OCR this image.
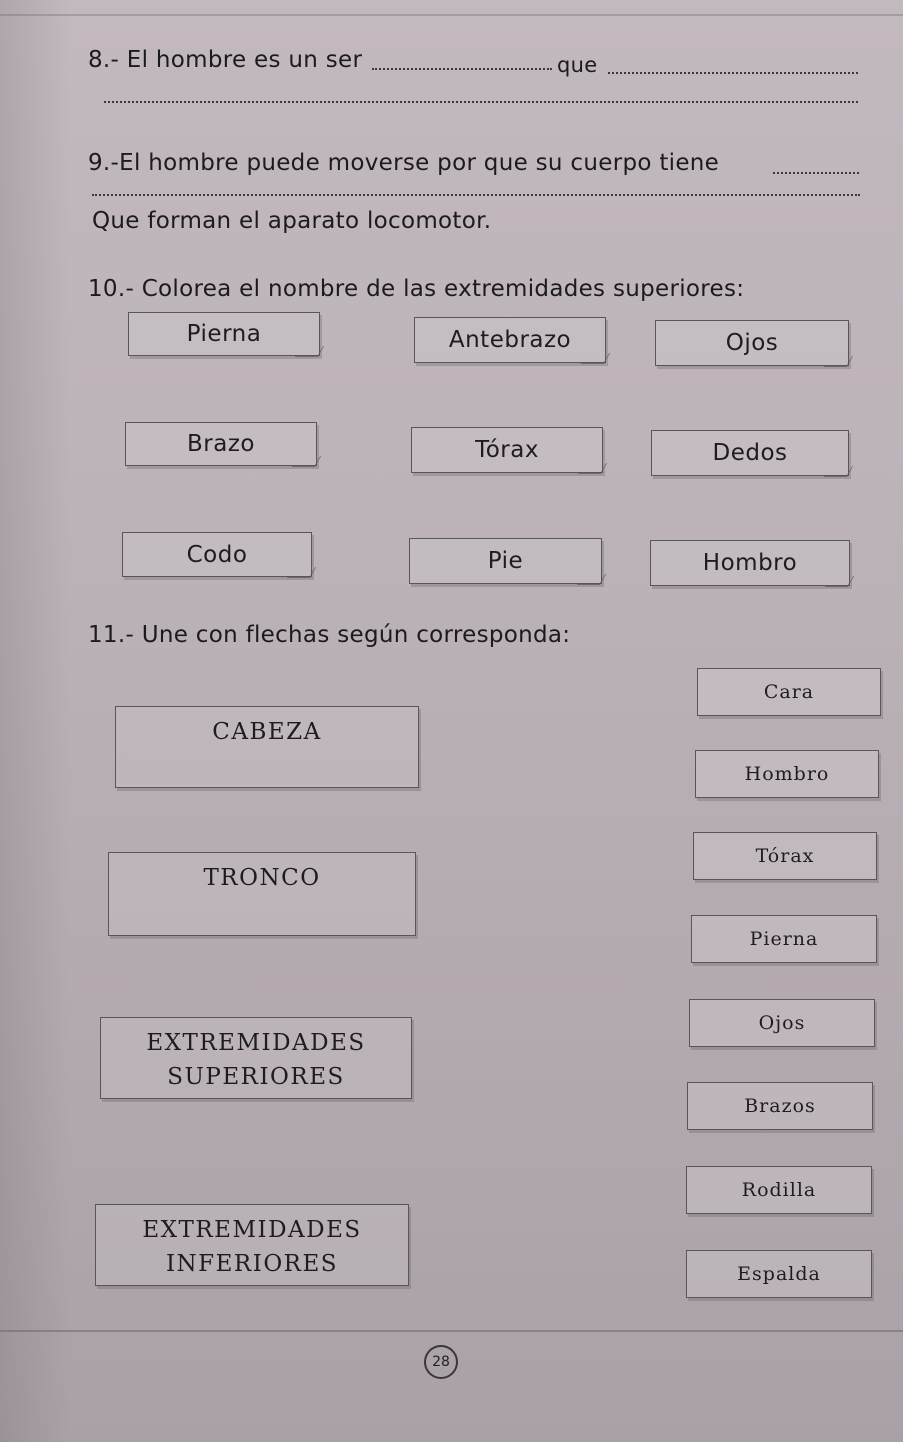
8.- El hombre es un ser	que
9.-El hombre puede moverse por que su cuerpo tiene
Que forman el aparato locomotor.
10.- Colorea el nombre de las extremidades superiores:
Pierna	Antebrazo	Ojos
Brazo	Tórax	Dedos
Codo	Pie	Hombro
11.- Une con flechas según corresponda:
CABEZA
TRONCO
EXTREMIDADES
SUPERIORES
EXTREMIDADES
INFERIORES
Cara
Hombro
Tórax
Pierna
Ojos
Brazos
Rodilla
Espalda
28
